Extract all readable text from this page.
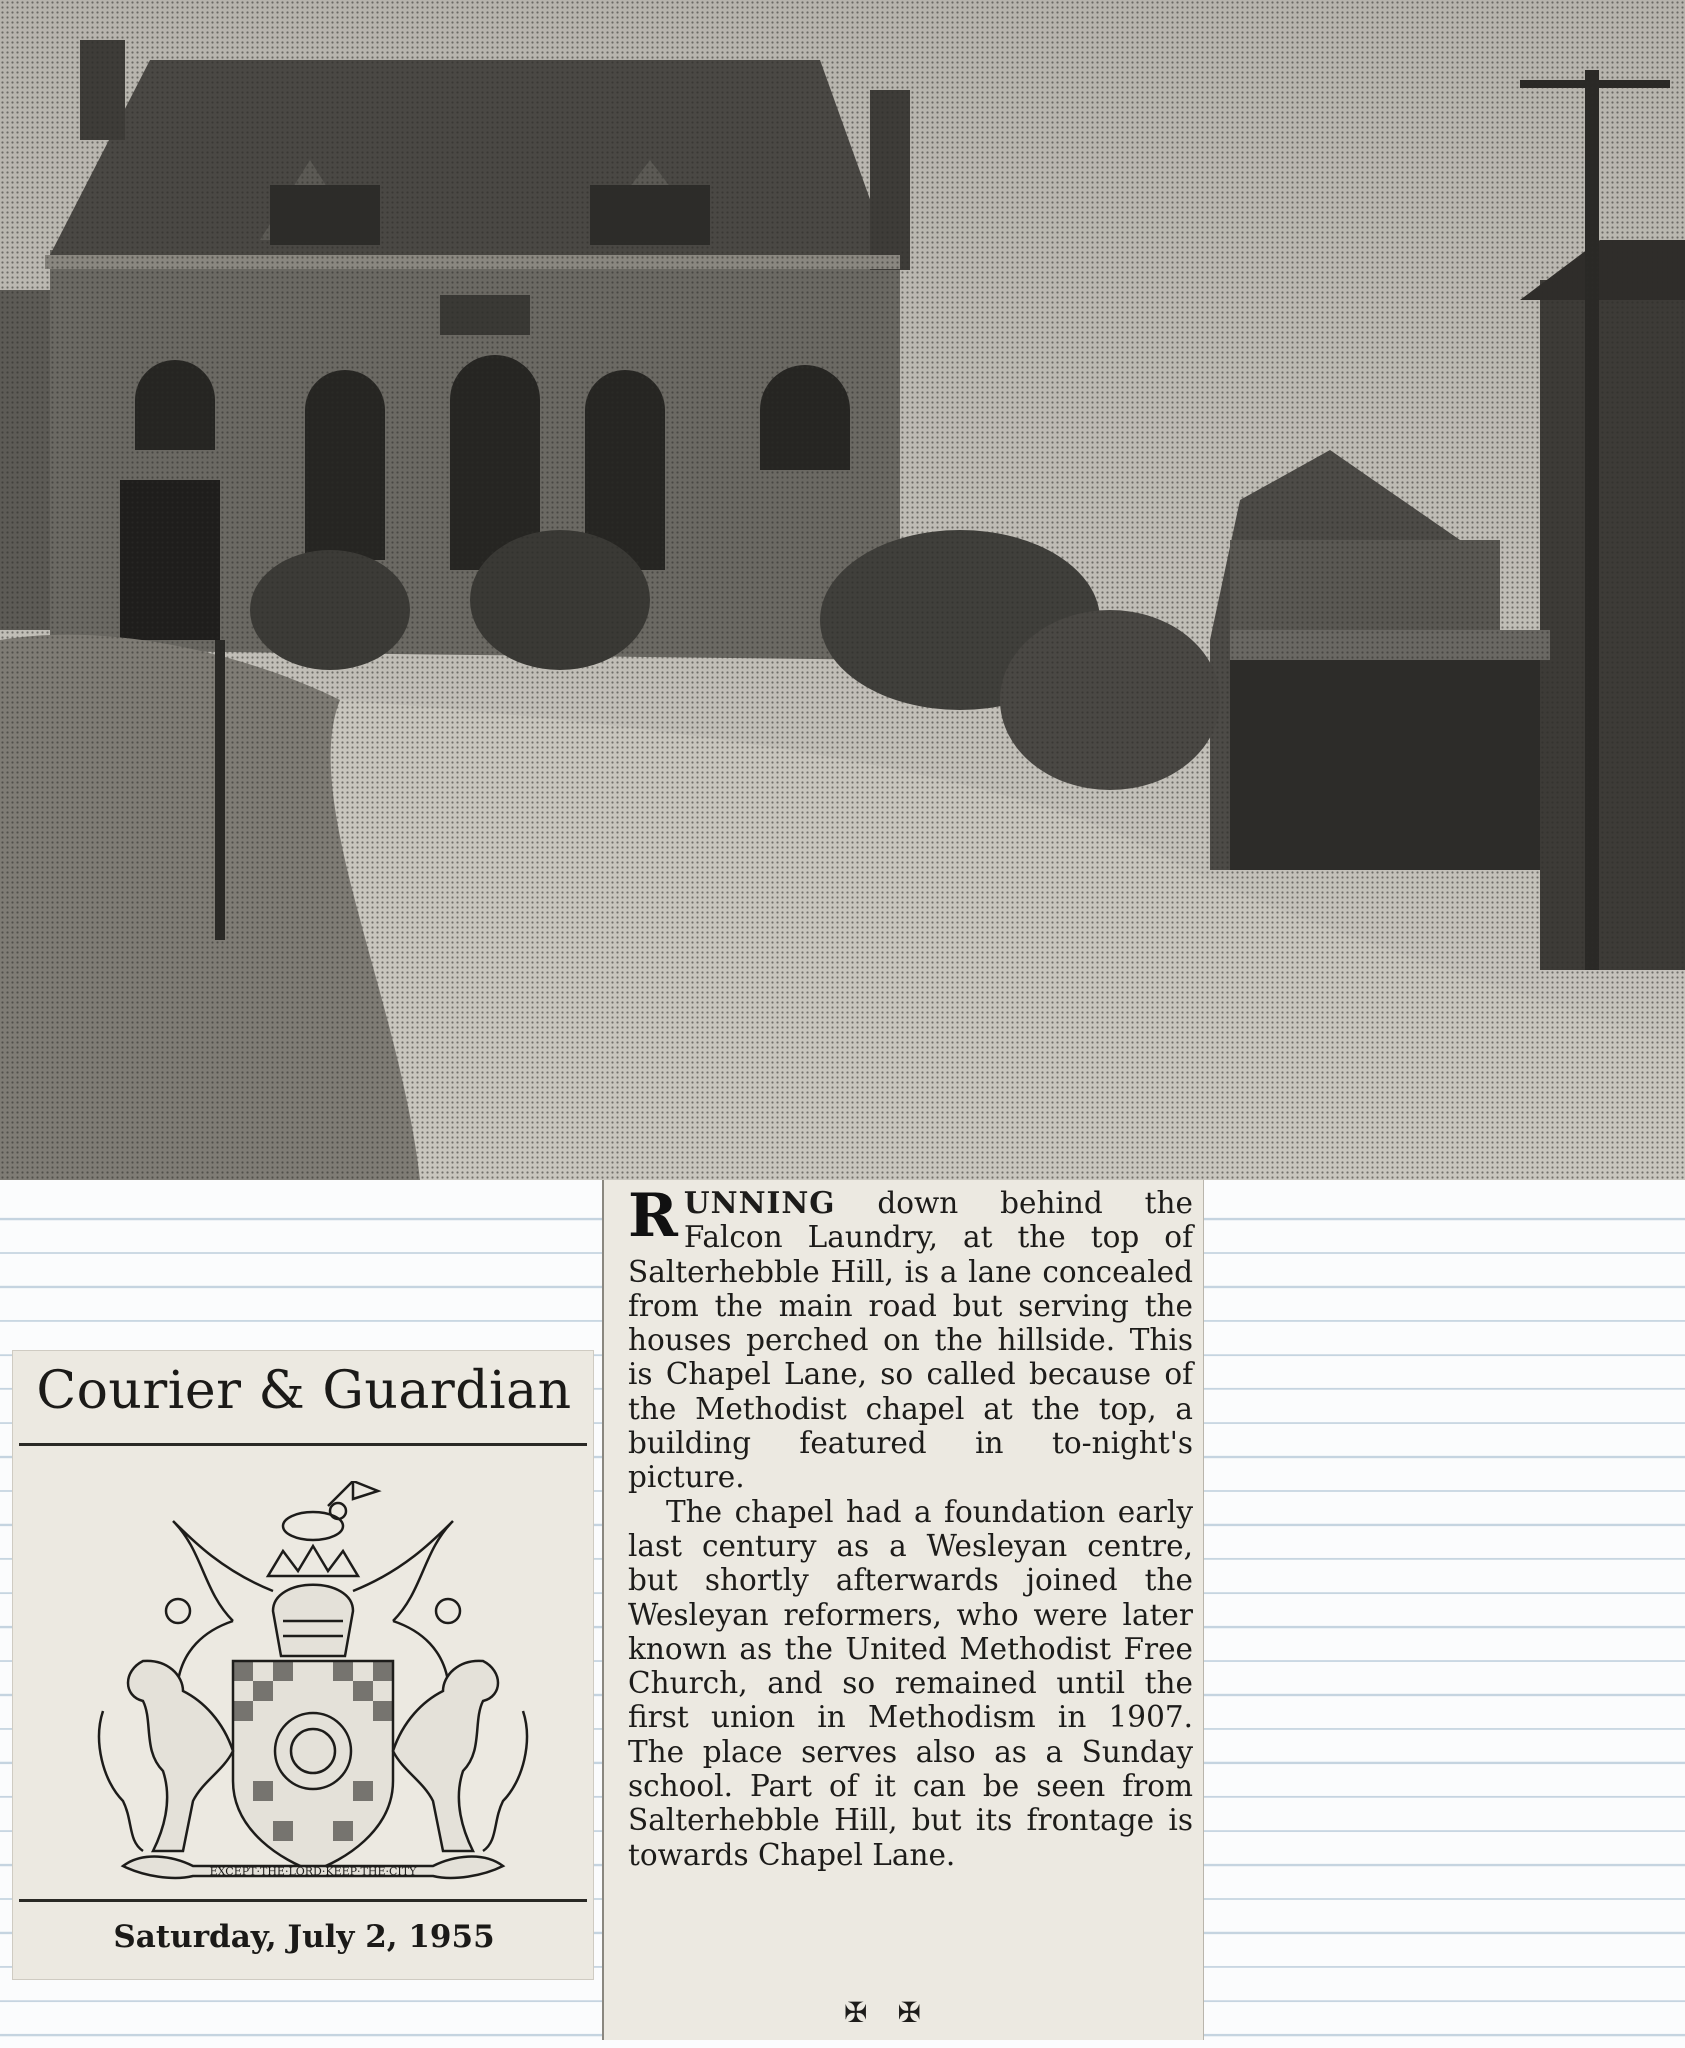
Courier & Guardian
EXCEPT·THE·LORD·KEEP·THE·CITY
Saturday, July 2, 1955

RUNNING down behind the Falcon Laundry, at the top of Salterhebble Hill, is a lane concealed from the main road but serving the houses perched on the hillside. This is Chapel Lane, so called because of the Methodist chapel at the top, a building featured in to-night's picture.

The chapel had a foundation early last century as a Wesleyan centre, but shortly afterwards joined the Wesleyan reformers, who were later known as the United Methodist Free Church, and so remained until the first union in Methodism in 1907. The place serves also as a Sunday school. Part of it can be seen from Salterhebble Hill, but its frontage is towards Chapel Lane.

✠✠
